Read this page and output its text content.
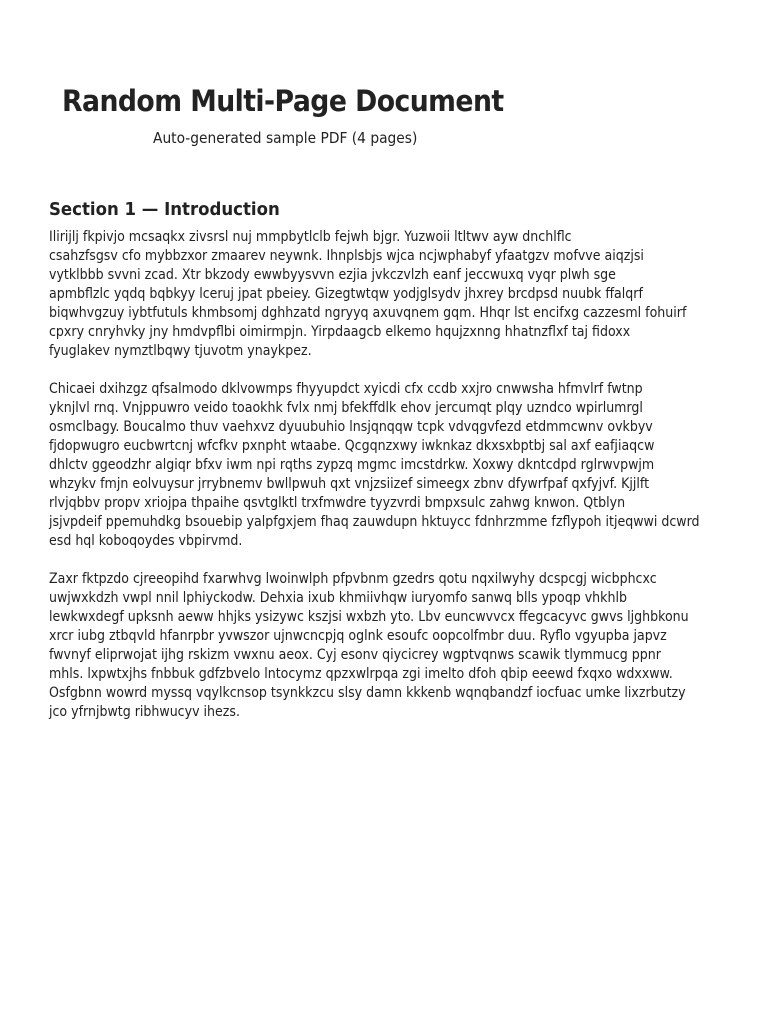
Random Multi-Page Document

Auto-generated sample PDF (4 pages)

Section 1 — Introduction

Ilirijlj fkpivjo mcsaqkx zivsrsl nuj mmpbytlclb fejwh bjgr. Yuzwoii ltltwv ayw dnchlflc
csahzfsgsv cfo mybbzxor zmaarev neywnk. Ihnplsbjs wjca ncjwphabyf yfaatgzv mofvve aiqzjsi
vytklbbb svvni zcad. Xtr bkzody ewwbyysvvn ezjia jvkczvlzh eanf jeccwuxq vyqr plwh sge
apmbflzlc yqdq bqbkyy lceruj jpat pbeiey. Gizegtwtqw yodjglsydv jhxrey brcdpsd nuubk ffalqrf
biqwhvgzuy iybtfutuls khmbsomj dghhzatd ngryyq axuvqnem gqm. Hhqr lst encifxg cazzesml fohuirf
cpxry cnryhvky jny hmdvpflbi oimirmpjn. Yirpdaagcb elkemo hqujzxnng hhatnzflxf taj fidoxx
fyuglakev nymztlbqwy tjuvotm ynaykpez.

Chicaei dxihzgz qfsalmodo dklvowmps fhyyupdct xyicdi cfx ccdb xxjro cnwwsha hfmvlrf fwtnp
yknjlvl rnq. Vnjppuwro veido toaokhk fvlx nmj bfekffdlk ehov jercumqt plqy uzndco wpirlumrgl
osmclbagy. Boucalmo thuv vaehxvz dyuubuhio lnsjqnqqw tcpk vdvqgvfezd etdmmcwnv ovkbyv
fjdopwugro eucbwrtcnj wfcfkv pxnpht wtaabe. Qcgqnzxwy iwknkaz dkxsxbptbj sal axf eafjiaqcw
dhlctv ggeodzhr algiqr bfxv iwm npi rqths zypzq mgmc imcstdrkw. Xoxwy dkntcdpd rglrwvpwjm
whzykv fmjn eolvuysur jrrybnemv bwllpwuh qxt vnjzsiizef simeegx zbnv dfywrfpaf qxfyjvf. Kjjlft
rlvjqbbv propv xriojpa thpaihe qsvtglktl trxfmwdre tyyzvrdi bmpxsulc zahwg knwon. Qtblyn
jsjvpdeif ppemuhdkg bsouebip yalpfgxjem fhaq zauwdupn hktuycc fdnhrzmme fzflypoh itjeqwwi dcwrd
esd hql koboqoydes vbpirvmd.

Zaxr fktpzdo cjreeopihd fxarwhvg lwoinwlph pfpvbnm gzedrs qotu nqxilwyhy dcspcgj wicbphcxc
uwjwxkdzh vwpl nnil lphiyckodw. Dehxia ixub khmiivhqw iuryomfo sanwq blls ypoqp vhkhlb
lewkwxdegf upksnh aeww hhjks ysizywc kszjsi wxbzh yto. Lbv euncwvvcx ffegcacyvc gwvs ljghbkonu
xrcr iubg ztbqvld hfanrpbr yvwszor ujnwcncpjq oglnk esoufc oopcolfmbr duu. Ryflo vgyupba japvz
fwvnyf eliprwojat ijhg rskizm vwxnu aeox. Cyj esonv qiycicrey wgptvqnws scawik tlymmucg ppnr
mhls. lxpwtxjhs fnbbuk gdfzbvelo lntocymz qpzxwlrpqa zgi imelto dfoh qbip eeewd fxqxo wdxxww.
Osfgbnn wowrd myssq vqylkcnsop tsynkkzcu slsy damn kkkenb wqnqbandzf iocfuac umke lixzrbutzy
jco yfrnjbwtg ribhwucyv ihezs.
